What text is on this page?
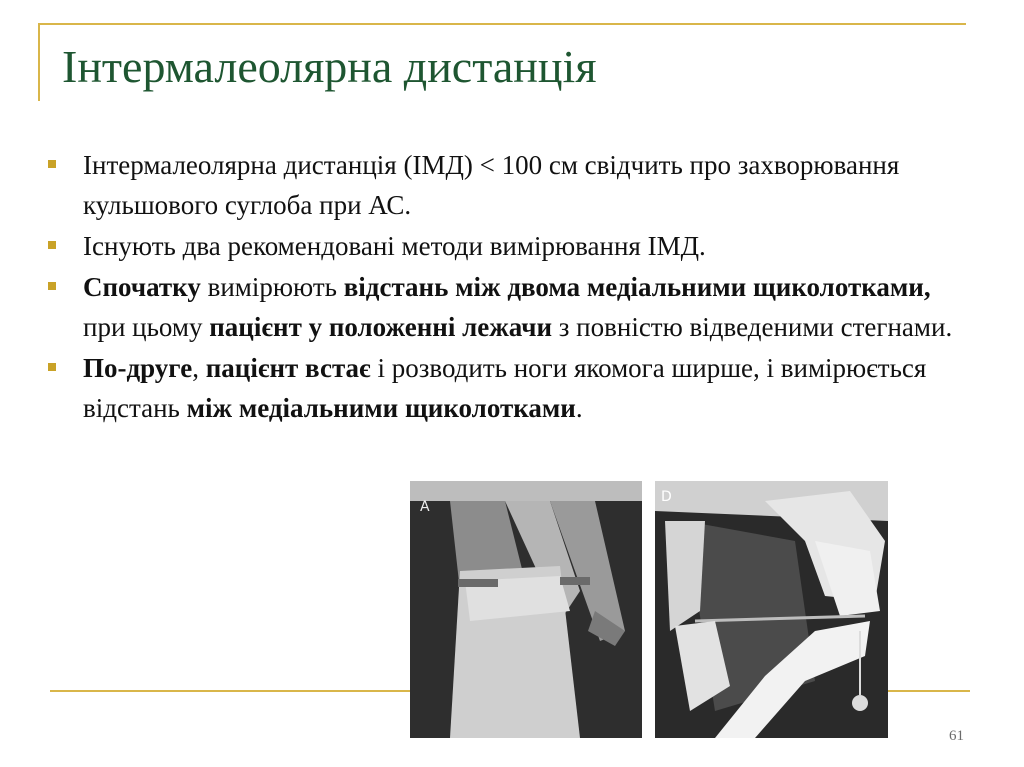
Інтермалеолярна дистанція
Інтермалеолярна дистанція (ІМД) < 100 см свідчить про захворювання кульшового суглоба при АС.
Існують два рекомендовані методи вимірювання ІМД.
Спочатку вимірюють відстань між двома медіальними щиколотками, при цьому пацієнт у положенні лежачи з повністю відведеними стегнами.
По-друге, пацієнт встає і розводить ноги якомога ширше, і вимірюється відстань між медіальними щиколотками.
A
D
61
